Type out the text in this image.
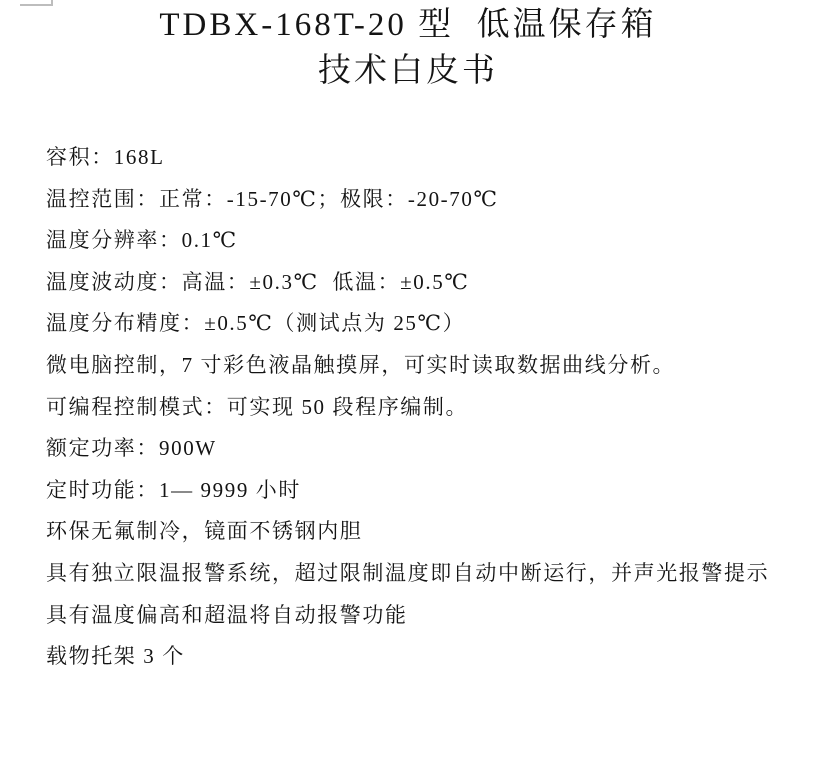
TDBX-168T-20 型  低温保存箱
技术白皮书
容积：168L
温控范围：正常：-15-70℃；极限：-20-70℃
温度分辨率：0.1℃
温度波动度：高温：±0.3℃  低温：±0.5℃
温度分布精度：±0.5℃（测试点为 25℃）
微电脑控制，7 寸彩色液晶触摸屏，可实时读取数据曲线分析。
可编程控制模式：可实现 50 段程序编制。
额定功率：900W
定时功能：1— 9999 小时
环保无氟制冷，镜面不锈钢内胆
具有独立限温报警系统，超过限制温度即自动中断运行，并声光报警提示
具有温度偏高和超温将自动报警功能
载物托架 3 个
